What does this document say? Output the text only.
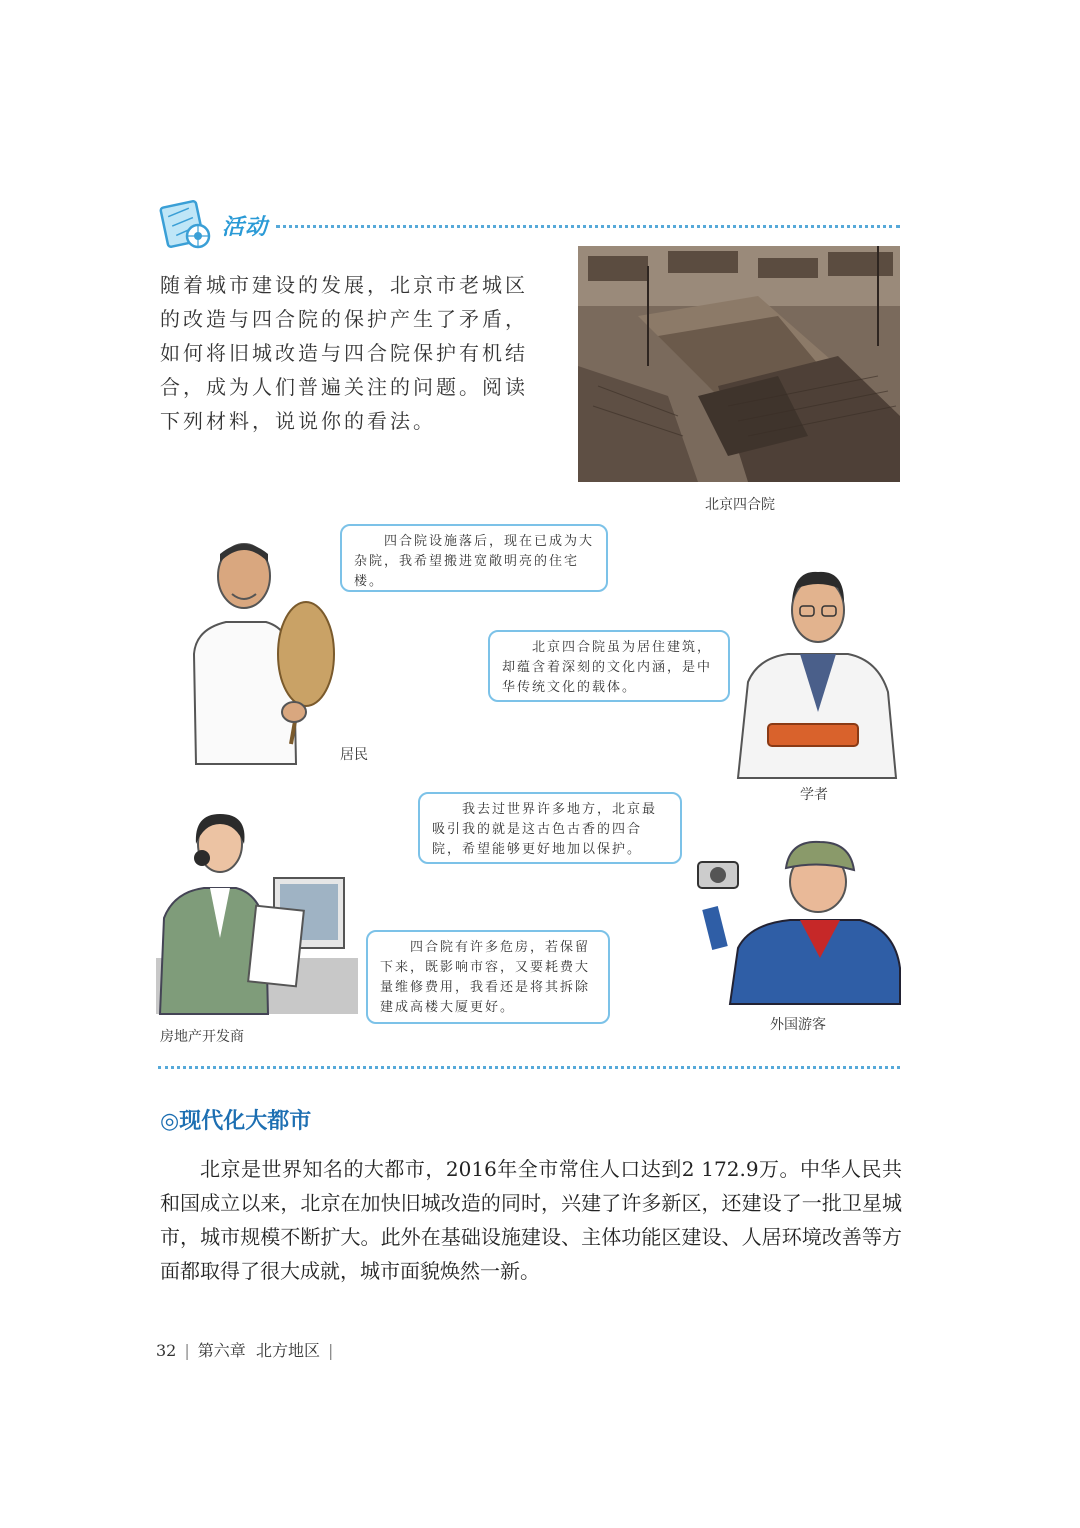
活动
随着城市建设的发展，北京市老城区的改造与四合院的保护产生了矛盾，如何将旧城改造与四合院保护有机结合，成为人们普遍关注的问题。阅读下列材料，说说你的看法。
北京四合院
居民
四合院设施落后，现在已成为大杂院，我希望搬进宽敞明亮的住宅楼。
学者
北京四合院虽为居住建筑，却蕴含着深刻的文化内涵，是中华传统文化的载体。
外国游客
我去过世界许多地方，北京最吸引我的就是这古色古香的四合院，希望能够更好地加以保护。
房地产开发商
四合院有许多危房，若保留下来，既影响市容，又要耗费大量维修费用，我看还是将其拆除建成高楼大厦更好。
◎现代化大都市

北京是世界知名的大都市，2016年全市常住人口达到2 172.9万。中华人民共和国成立以来，北京在加快旧城改造的同时，兴建了许多新区，还建设了一批卫星城市，城市规模不断扩大。此外在基础设施建设、主体功能区建设、人居环境改善等方面都取得了很大成就，城市面貌焕然一新。

32 | 第六章 北方地区 |
